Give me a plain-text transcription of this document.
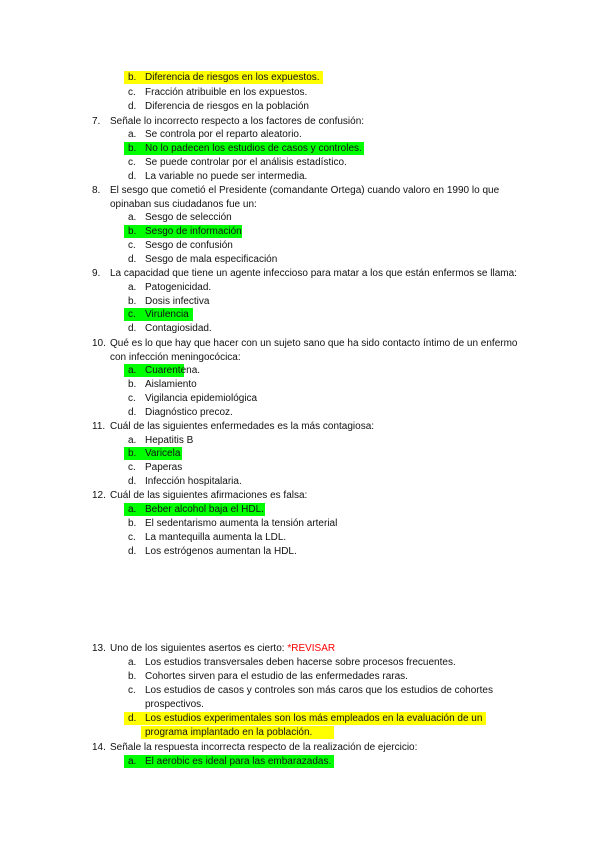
b. Diferencia de riesgos en los expuestos.
c. Fracción atribuible en los expuestos.
d. Diferencia de riesgos en la población
7. Señale lo incorrecto respecto a los factores de confusión:
a. Se controla por el reparto aleatorio.
b. No lo padecen los estudios de casos y controles.
c. Se puede controlar por el análisis estadístico.
d. La variable no puede ser intermedia.
8. El sesgo que cometió el Presidente (comandante Ortega) cuando valoro en 1990 lo que
opinaban sus ciudadanos fue un:
a. Sesgo de selección
b. Sesgo de información
c. Sesgo de confusión
d. Sesgo de mala especificación
9. La capacidad que tiene un agente infeccioso para matar a los que están enfermos se llama:
a. Patogenicidad.
b. Dosis infectiva
c. Virulencia
d. Contagiosidad.
10. Qué es lo que hay que hacer con un sujeto sano que ha sido contacto íntimo de un enfermo
con infección meningocócica:
a. Cuarentena.
b. Aislamiento
c. Vigilancia epidemiológica
d. Diagnóstico precoz.
11. Cuál de las siguientes enfermedades es la más contagiosa:
a. Hepatitis B
b. Varicela
c. Paperas
d. Infección hospitalaria.
12. Cuál de las siguientes afirmaciones es falsa:
a. Beber alcohol baja el HDL.
b. El sedentarismo aumenta la tensión arterial
c. La mantequilla aumenta la LDL.
d. Los estrógenos aumentan la HDL.
13. Uno de los siguientes asertos es cierto: *REVISAR
a. Los estudios transversales deben hacerse sobre procesos frecuentes.
b. Cohortes sirven para el estudio de las enfermedades raras.
c. Los estudios de casos y controles son más caros que los estudios de cohortes
prospectivos.
d. Los estudios experimentales son los más empleados en la evaluación de un
programa implantado en la población.
14. Señale la respuesta incorrecta respecto de la realización de ejercicio:
a. El aerobic es ideal para las embarazadas.
